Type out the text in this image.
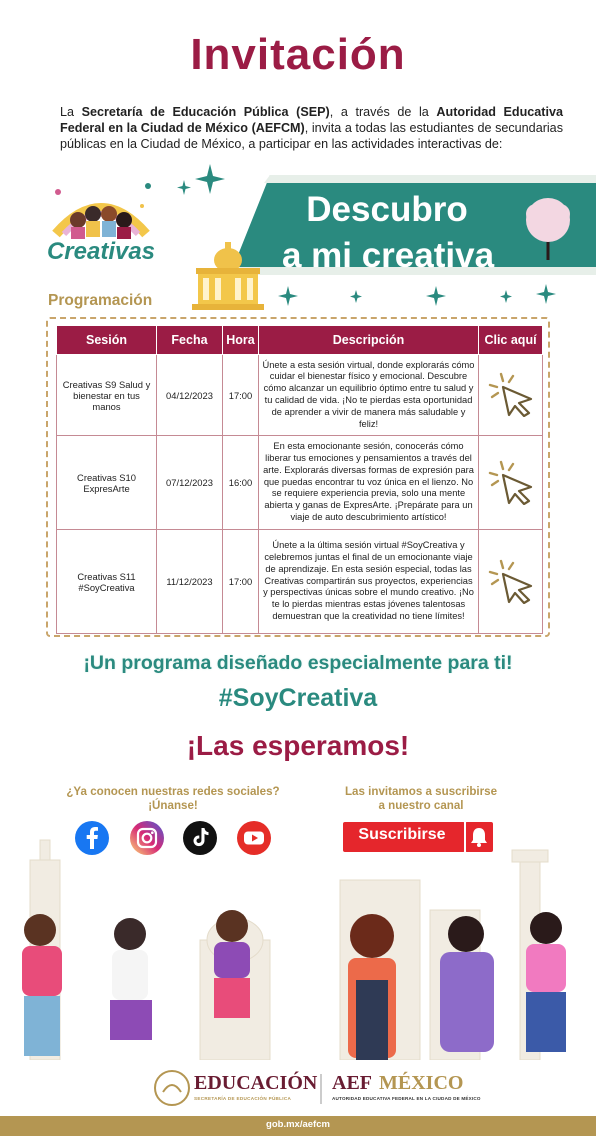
Invitación
La Secretaría de Educación Pública (SEP), a través de la Autoridad Educativa Federal en la Ciudad de México (AEFCM), invita a todas las estudiantes de secundarias públicas en la Ciudad de México, a participar en las actividades interactivas de:
Creativas
Descubro
a mi creativa
Programación
Sesión	Fecha	Hora	Descripción	Clic aquí
Creativas S9 Salud y bienestar en tus manos	04/12/2023	17:00	Únete a esta sesión virtual, donde explorarás cómo cuidar el bienestar físico y emocional. Descubre cómo alcanzar un equilibrio óptimo entre tu salud y tu calidad de vida. ¡No te pierdas esta oportunidad de aprender a vivir de manera más saludable y feliz!	
Creativas S10 ExpresArte	07/12/2023	16:00	En esta emocionante sesión, conocerás cómo liberar tus emociones y pensamientos a través del arte. Explorarás diversas formas de expresión para que puedas encontrar tu voz única en el lienzo. No se requiere experiencia previa, solo una mente abierta y ganas de ExpresArte. ¡Prepárate para un viaje de auto descubrimiento artístico!	
Creativas S11 #SoyCreativa	11/12/2023	17:00	Únete a la última sesión virtual #SoyCreativa y celebremos juntas el final de un emocionante viaje de aprendizaje. En esta sesión especial, todas las Creativas compartirán sus proyectos, experiencias y perspectivas únicas sobre el mundo creativo. ¡No te lo pierdas mientras estas jóvenes talentosas demuestran que la creatividad no tiene límites!	
¡Un programa diseñado especialmente para ti!
#SoyCreativa
¡Las esperamos!
¿Ya conocen nuestras redes sociales?
¡Únanse!
Las invitamos a suscribirse
a nuestro canal
Suscribirse
EDUCACIÓN
SECRETARÍA DE EDUCACIÓN PÚBLICA
AEF MÉXICO
AUTORIDAD EDUCATIVA FEDERAL EN LA CIUDAD DE MÉXICO
gob.mx/aefcm
